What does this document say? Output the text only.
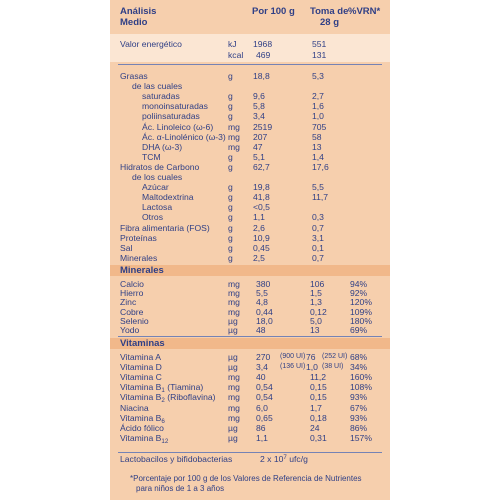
Análisis	Por 100 g Toma de %VRN*
Medio	28 g
Valor energético	kJ 1968	551
kcal 469	131
Minerales
Vitaminas
Lactobacilos y bifidobacterias	2 x $10^7$ ufc/g
*Porcentaje por 100 g de los Valores de Referencia de Nutrientes
para niños de 1 a 3 años
Grasas	g 18,8	5,3
de las cuales
saturadas	g 9,6	2,7
monoinsaturadas g 5,8	1,6
poliinsaturadas	g 3,4	1,0
Ác. Linoleico (ω-6) mg 2519	705
Ác. α-Linolénico (ω-3) mg 207	58
DHA (ω-3)	mg 47	13
TCM	g 5,1	1,4
Hidratos de Carbono	g 62,7	17,6
de los cuales
Azúcar	g 19,8	5,5
Maltodextrina	g 41,8	11,7
Lactosa	g <0,5
Otros	g 1,1	0,3
Fibra alimentaria (FOS) g 2,6	0,7
Proteínas	g 10,9	3,1
Sal	g 0,45	0,1
Minerales	g 2,5	0,7
Calcio	mg 380	106	94%
Hierro	mg 5,5	1,5	92%
Zinc	mg 4,8	1,3	120%
Cobre	mg 0,44	0,12	109%
Selenio	µg 18,0	5,0	180%
Yodo	µg 48	13	69%
Vitamina A	µg 270 (900 UI) 76 (252 UI) 68%
Vitamina D	µg 3,4 (136 UI) 1,0 (38 UI) 34%
Vitamina C	mg 40	11,2	160%
Vitamina $B_1$ (Tiamina)	mg 0,54	0,15	108%
Vitamina $B_2$ (Riboflavina) mg 0,54	0,15	93%
Niacina	mg 6,0	1,7	67%
Vitamina $B_6$	mg 0,65	0,18	93%
Ácido fólico	µg 86	24	86%
Vitamina $B_{12}$	µg 1,1	0,31	157%
